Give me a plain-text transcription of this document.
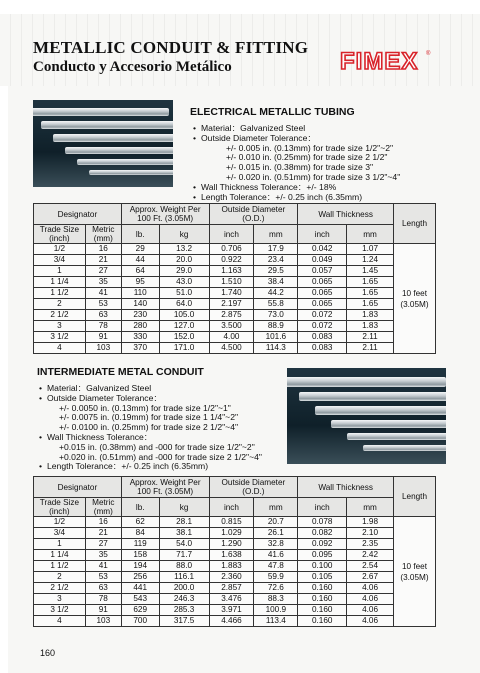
METALLIC CONDUIT & FITTING
Conducto y Accesorio Metálico	FIMEX ®
ELECTRICAL METALLIC TUBING
• Material：Galvanized Steel
• Outside Diameter Tolerance：
+/- 0.005 in. (0.13mm) for trade size 1/2"~2"
+/- 0.010 in. (0.25mm) for trade size 2 1/2"
+/- 0.015 in. (0.38mm) for trade size 3"
+/- 0.020 in. (0.51mm) for trade size 3 1/2"~4"
• Wall Thickness Tolerance：+/- 18%
• Length Tolerance：+/- 0.25 inch (6.35mm)
Designator		Approx. Weight Per 100 Ft. (3.05M)		Outside Diameter (O.D.)		Wall Thickness		Length
Trade Size (inch)	Metric (mm)	lb.	kg	inch	mm	inch	mm	
1/2	16	29	13.2	0.706	17.9	0.042	1.07	10 feet (3.05M)
3/4	21	44	20.0	0.922	23.4	0.049	1.24	
1	27	64	29.0	1.163	29.5	0.057	1.45	
1 1/4	35	95	43.0	1.510	38.4	0.065	1.65	
1 1/2	41	110	51.0	1.740	44.2	0.065	1.65	
2	53	140	64.0	2.197	55.8	0.065	1.65	
2 1/2	63	230	105.0	2.875	73.0	0.072	1.83	
3	78	280	127.0	3.500	88.9	0.072	1.83	
3 1/2	91	330	152.0	4.00	101.6	0.083	2.11	
4	103	370	171.0	4.500	114.3	0.083	2.11	
INTERMEDIATE METAL CONDUIT
• Material：Galvanized Steel
• Outside Diameter Tolerance：
+/- 0.0050 in. (0.13mm) for trade size 1/2"~1"
+/- 0.0075 in. (0.19mm) for trade size 1 1/4"~2"
+/- 0.0100 in. (0.25mm) for trade size 2 1/2"~4"
• Wall Thickness Tolerance：
+0.015 in. (0.38mm) and -000 for trade size 1/2"~2"
+0.020 in. (0.51mm) and -000 for trade size 2 1/2"~4"
• Length Tolerance：+/- 0.25 inch (6.35mm)
Designator		Approx. Weight Per 100 Ft. (3.05M)		Outside Diameter (O.D.)		Wall Thickness		Length
Trade Size (inch)	Metric (mm)	lb.	kg	inch	mm	inch	mm	
1/2	16	62	28.1	0.815	20.7	0.078	1.98	10 feet (3.05M)
3/4	21	84	38.1	1.029	26.1	0.082	2.10	
1	27	119	54.0	1.290	32.8	0.092	2.35	
1 1/4	35	158	71.7	1.638	41.6	0.095	2.42	
1 1/2	41	194	88.0	1.883	47.8	0.100	2.54	
2	53	256	116.1	2.360	59.9	0.105	2.67	
2 1/2	63	441	200.0	2.857	72.6	0.160	4.06	
3	78	543	246.3	3.476	88.3	0.160	4.06	
3 1/2	91	629	285.3	3.971	100.9	0.160	4.06	
4	103	700	317.5	4.466	113.4	0.160	4.06	
160
